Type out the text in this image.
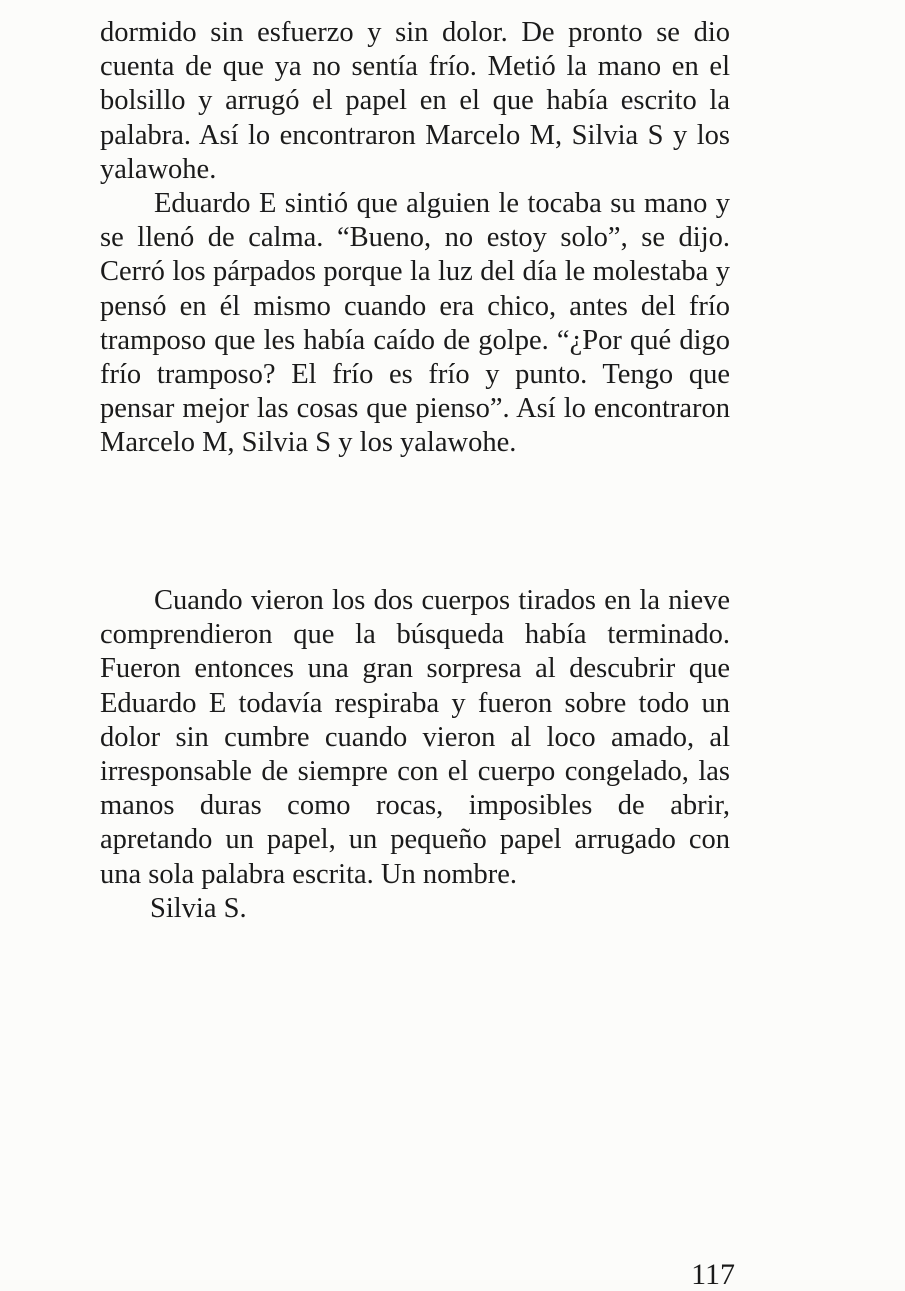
dormido sin esfuerzo y sin dolor. De pronto se dio cuenta de que ya no sentía frío. Metió la mano en el bolsillo y arrugó el papel en el que había escrito la palabra. Así lo encontraron Marcelo M, Silvia S y los yalawohe.

Eduardo E sintió que alguien le tocaba su mano y se llenó de calma. “Bueno, no estoy solo”, se dijo. Cerró los párpados porque la luz del día le molestaba y pensó en él mismo cuando era chico, antes del frío tramposo que les había caído de golpe. “¿Por qué digo frío tramposo? El frío es frío y punto. Tengo que pensar mejor las cosas que pienso”. Así lo encontraron Marcelo M, Silvia S y los yalawohe.

Cuando vieron los dos cuerpos tirados en la nieve comprendieron que la búsqueda había terminado. Fueron entonces una gran sorpresa al descubrir que Eduardo E todavía respiraba y fueron sobre todo un dolor sin cumbre cuando vieron al loco amado, al irresponsable de siempre con el cuerpo congelado, las manos duras como rocas, imposibles de abrir, apretando un papel, un pequeño papel arrugado con una sola palabra escrita. Un nombre.

Silvia S.

117
